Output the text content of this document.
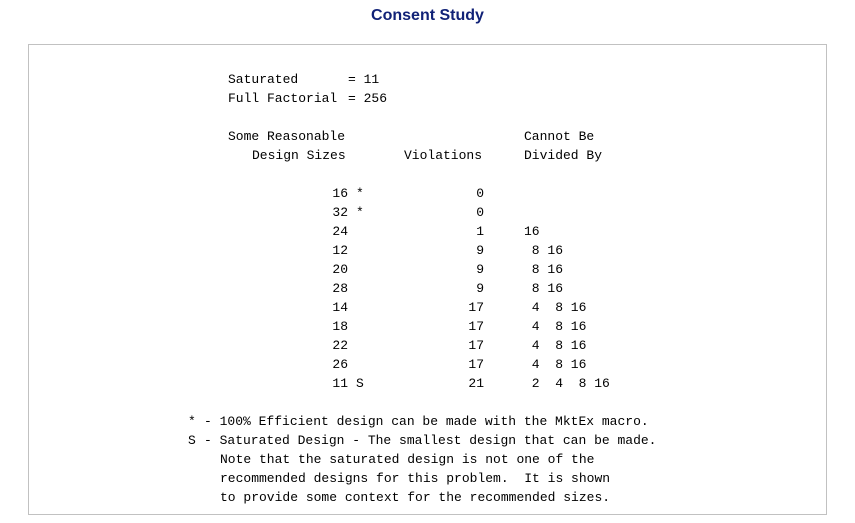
Consent Study
Saturated	= 11
Full Factorial = 256
Some Reasonable
Design Sizes	Violations
Cannot Be
Divided By
16 *	0
32 *	0
24	1	16
12	9	8 16
20	9	8 16
28	9	8 16
14	17	4  8 16
18	17	4  8 16
22	17	4  8 16
26	17	4  8 16
11 S	21	2  4  8 16
* - 100% Efficient design can be made with the MktEx macro.
S - Saturated Design - The smallest design that can be made.
Note that the saturated design is not one of the
recommended designs for this problem.  It is shown
to provide some context for the recommended sizes.
